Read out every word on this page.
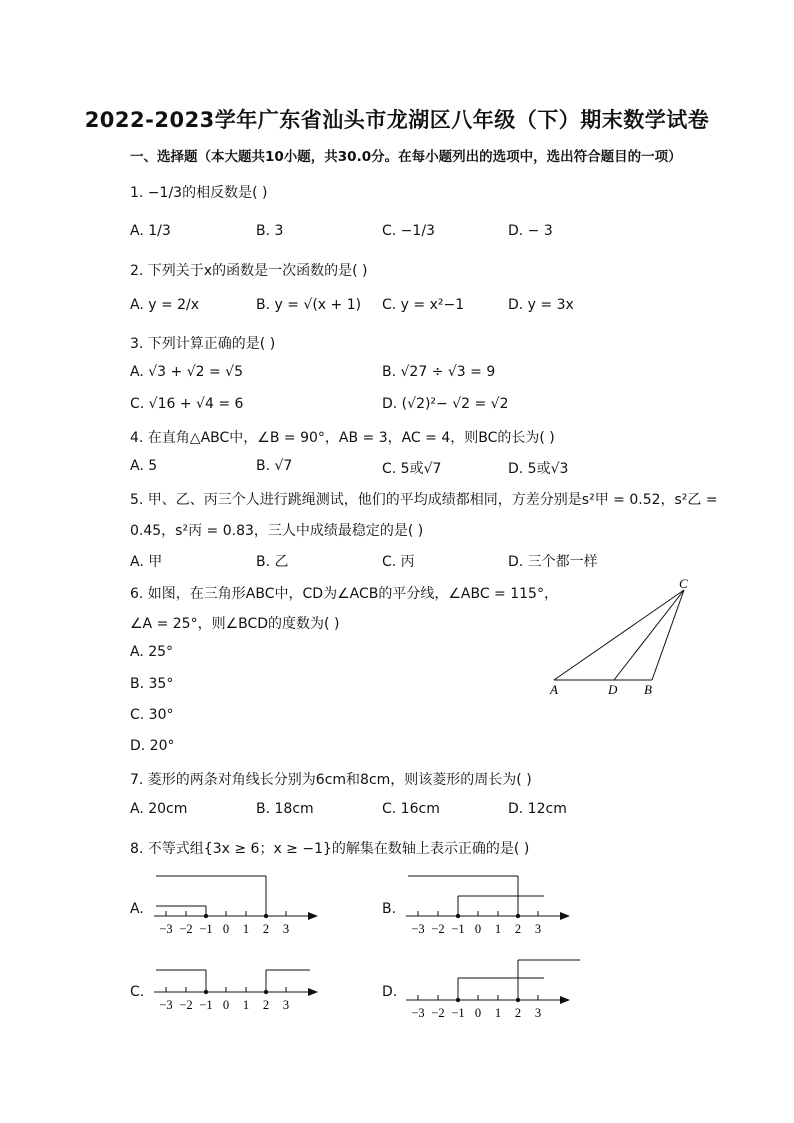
2022-2023学年广东省汕头市龙湖区八年级（下）期末数学试卷
一、选择题（本大题共10小题，共30.0分。在每小题列出的选项中，选出符合题目的一项）
1. −1/3的相反数是( )
A. 1/3	B. 3	C. −1/3	D. − 3
2. 下列关于x的函数是一次函数的是( )
A. y = 2/x	B. y = √(x + 1) C. y = x²−1	D. y = 3x
3. 下列计算正确的是( )
A. √3 + √2 = √5	B. √27 ÷ √3 = 9
C. √16 + √4 = 6	D. (√2)²− √2 = √2
4. 在直角△ABC中，∠B = 90°，AB = 3，AC = 4，则BC的长为( )
A. 5	B. √7	C. 5或√7	D. 5或√3
5. 甲、乙、丙三个人进行跳绳测试，他们的平均成绩都相同，方差分别是s²甲 = 0.52，s²乙 =
0.45，s²丙 = 0.83，三人中成绩最稳定的是( )
A. 甲	B. 乙	C. 丙	D. 三个都一样
6. 如图，在三角形ABC中，CD为∠ACB的平分线，∠ABC = 115°，
∠A = 25°，则∠BCD的度数为( )
A. 25°
B. 35°
C. 30°
D. 20°
A	D B
C
7. 菱形的两条对角线长分别为6cm和8cm，则该菱形的周长为( )
A. 20cm	B. 18cm	C. 16cm	D. 12cm
8. 不等式组{3x ≥ 6；x ≥ −1}的解集在数轴上表示正确的是( )
A.	B.
C.	D.
−3 −2 −1 0 1 2 3	−3 −2 −1 0 1 2 3
−3 −2 −1 0 1 2 3
−3 −2 −1 0 1 2 3
